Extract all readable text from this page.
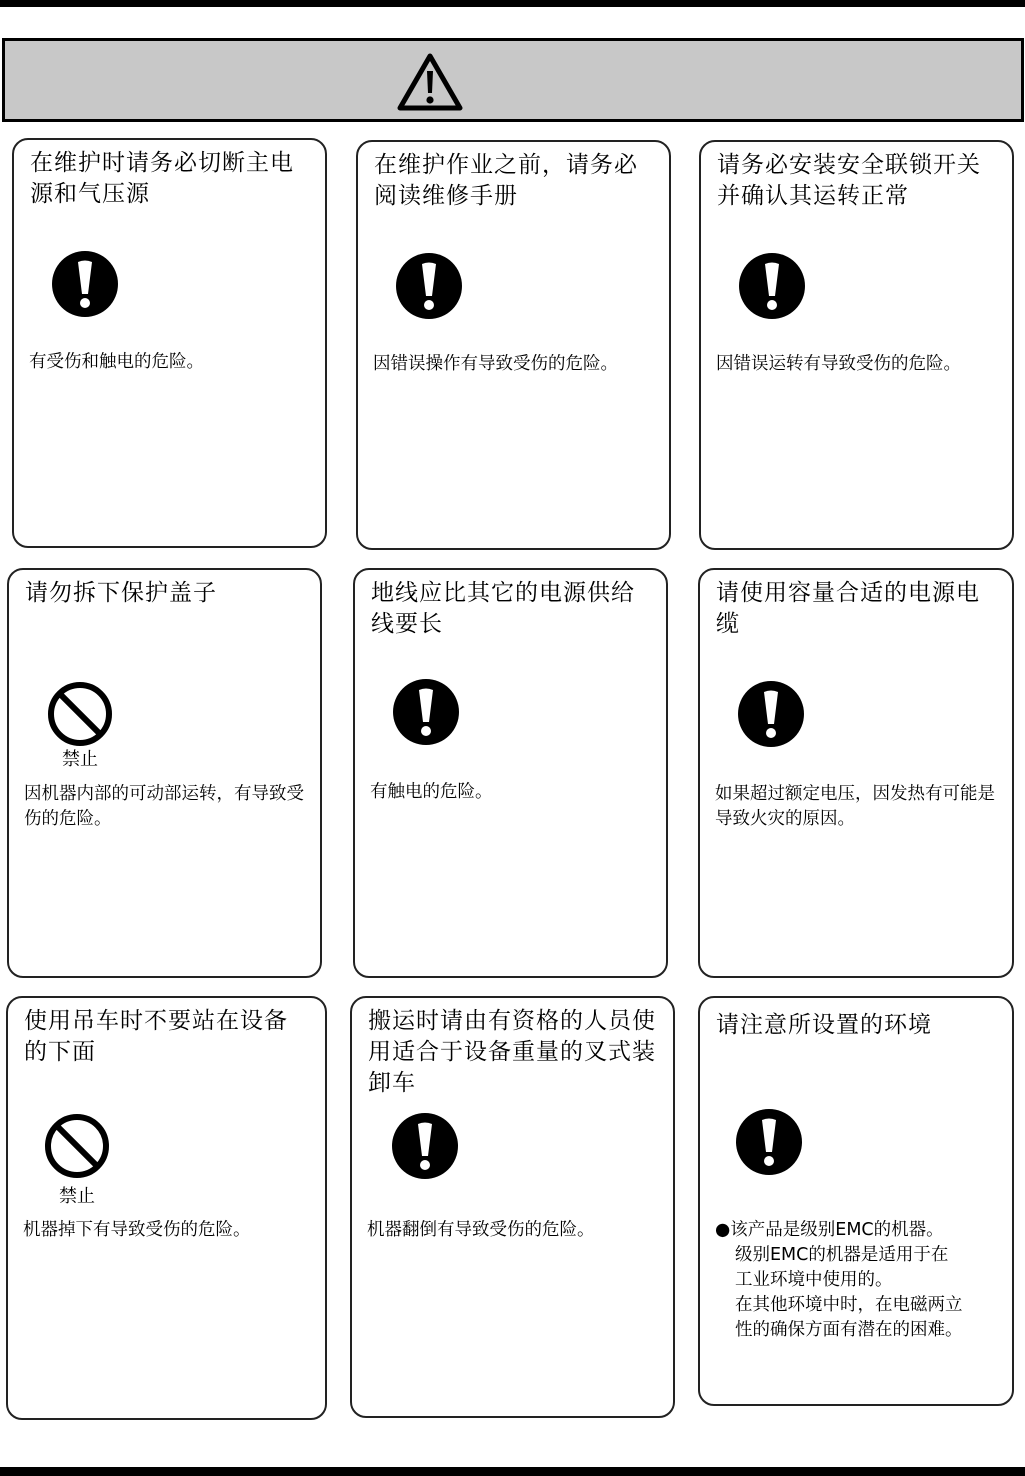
在维护时请务必切断主电源和气压源
有受伤和触电的危险。
在维护作业之前，请务必阅读维修手册
因错误操作有导致受伤的危险。
请务必安装安全联锁开关并确认其运转正常
因错误运转有导致受伤的危险。
请勿拆下保护盖子
禁止
因机器内部的可动部运转，有导致受伤的危险。
地线应比其它的电源供给线要长
有触电的危险。
请使用容量合适的电源电缆
如果超过额定电压，因发热有可能是导致火灾的原因。
使用吊车时不要站在设备的下面
禁止
机器掉下有导致受伤的危险。
搬运时请由有资格的人员使用适合于设备重量的叉式装卸车
机器翻倒有导致受伤的危险。
请注意所设置的环境
●该产品是级别EMC的机器。
级别EMC的机器是适用于在
工业环境中使用的。
在其他环境中时，在电磁两立
性的确保方面有潜在的困难。
